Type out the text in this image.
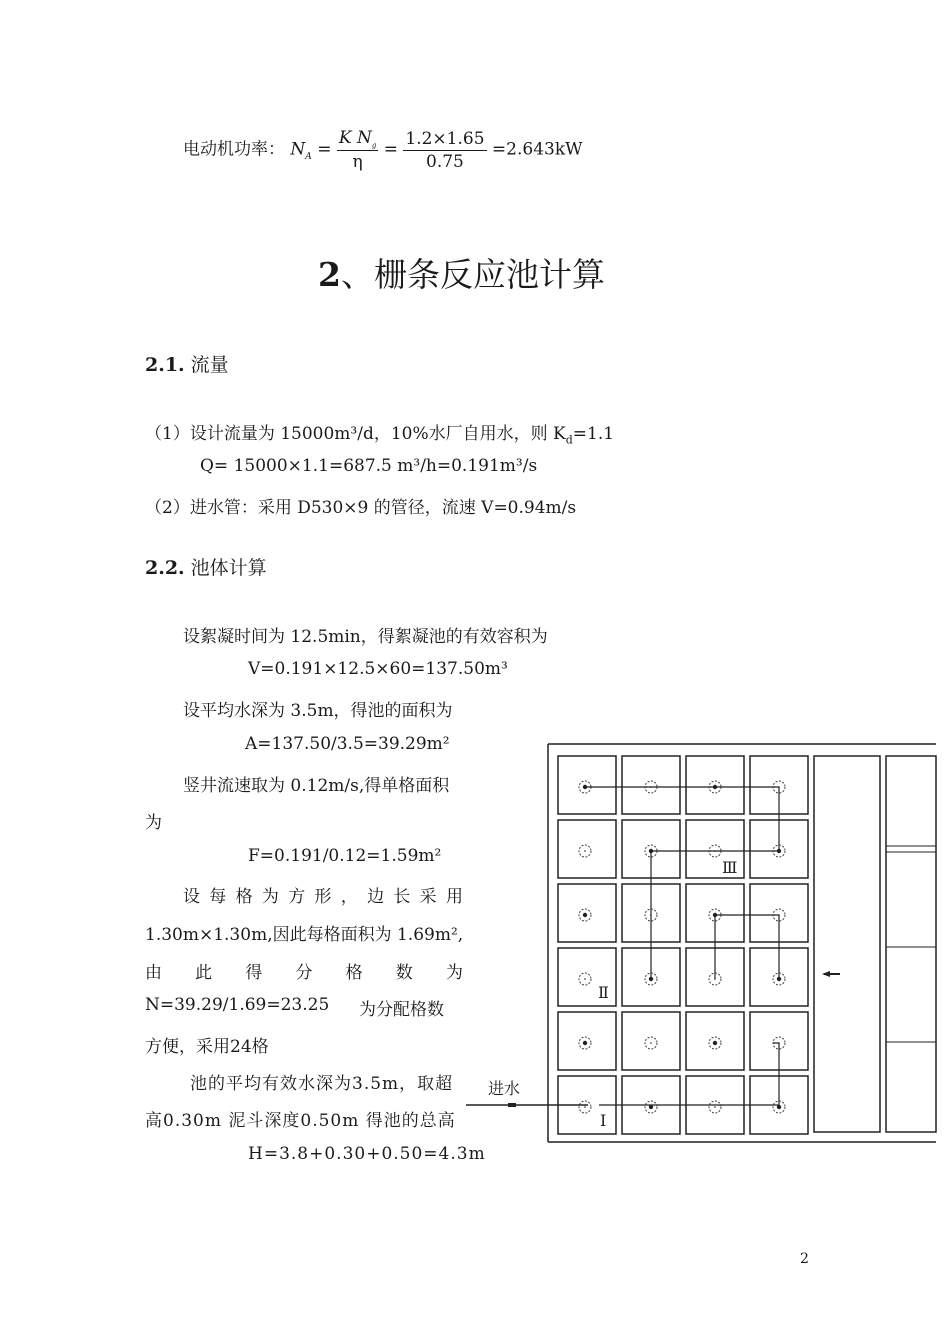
电动机功率： $N_A = \frac{K N_g}{\eta} = \frac{1.2\times 1.65}{0.75} =2.643kW$
2、栅条反应池计算
2.1. 流量
（1）设计流量为 15000m³/d，10%水厂自用水，则 $K_d=1.1$
Q= 15000×1.1=687.5 m³/h=0.191m³/s
（2）进水管：采用 D530×9 的管径，流速 V=0.94m/s
2.2. 池体计算
设絮凝时间为 12.5min，得絮凝池的有效容积为
V=0.191×12.5×60=137.50m³
设平均水深为 3.5m，得池的面积为
A=137.50/3.5=39.29m²
竖井流速取为 0.12m/s,得单格面积
为
F=0.191/0.12=1.59m²
设 每 格 为 方 形 ， 边 长 采 用
1.30m×1.30m,因此每格面积为 1.69m²,
由 此 得 分 格 数 为
N=39.29/1.69=23.25 为分配格数
方便，采用24格
池的平均有效水深为3.5m，取超
高0.30m 泥斗深度0.50m 得池的总高
H=3.8+0.30+0.50=4.3m
进水
Ⅰ
Ⅱ
Ⅲ
2
